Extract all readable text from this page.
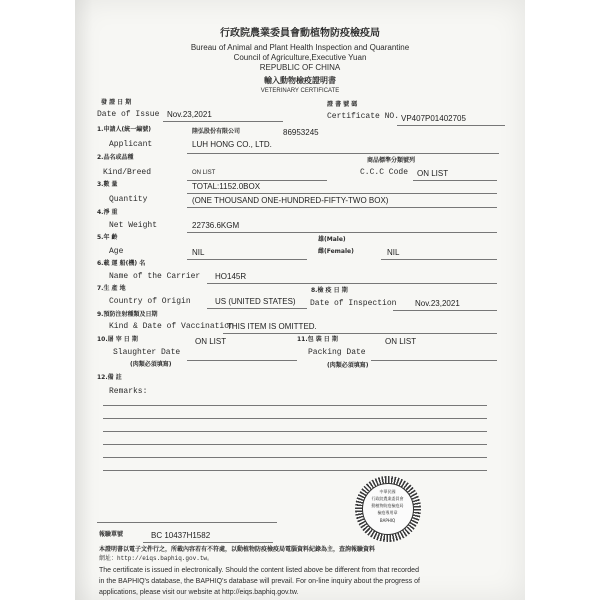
行政院農業委員會動植物防疫檢疫局
Bureau of Animal and Plant Health Inspection and Quarantine
Council of Agriculture,Executive Yuan
REPUBLIC OF CHINA
輸入動物檢疫證明書
VETERINARY CERTIFICATE
發 證 日 期
Date of Issue Nov.23,2021
證 書 號 碼
Certificate NO. VP407P01402705
1.申請人(統一編號)	陸弘股份有限公司	86953245
Applicant	LUH HONG CO., LTD.
2.品名或品種	商品標準分類號列
Kind/Breed	ON LIST	C.C.C Code ON LIST
3.數 量	TOTAL:1152.0BOX
Quantity	(ONE THOUSAND ONE-HUNDRED-FIFTY-TWO BOX)
4.淨 重
Net Weight	22736.6KGM
5.年 齡	雄(Male)
Age	NIL	雌(Female)	NIL
6.載 運 船(機) 名
Name of the Carrier HO145R
7.生 產 地	8.檢 疫 日 期
Country of Origin	US (UNITED STATES) Date of Inspection Nov.23,2021
9.預防注射種類及日期
Kind & Date of Vaccination
THIS ITEM IS OMITTED.
10.屠 宰 日 期	ON LIST
Slaughter Date
(肉類必須填寫)
11.包 裝 日 期	ON LIST
Packing Date
(肉類必須填寫)
12.備 註
Remarks:
中華民國
行政院農業委員會
動植物防疫檢疫局
檢疫專用章
BAPHIQ
報驗單號	BC 10437H1582
本證明書以電子文件行之，所載內容若有不符處，以動植物防疫檢疫局電腦資料紀錄為主，查詢報驗資料
網址：http://eiqs.baphiq.gov.tw。
The certificate is issued in electronically. Should the content listed above be different from that recorded
in the BAPHIQ's database, the BAPHIQ's database will prevail. For on-line inquiry about the progress of
applications, please visit our website at http://eiqs.baphiq.gov.tw.
